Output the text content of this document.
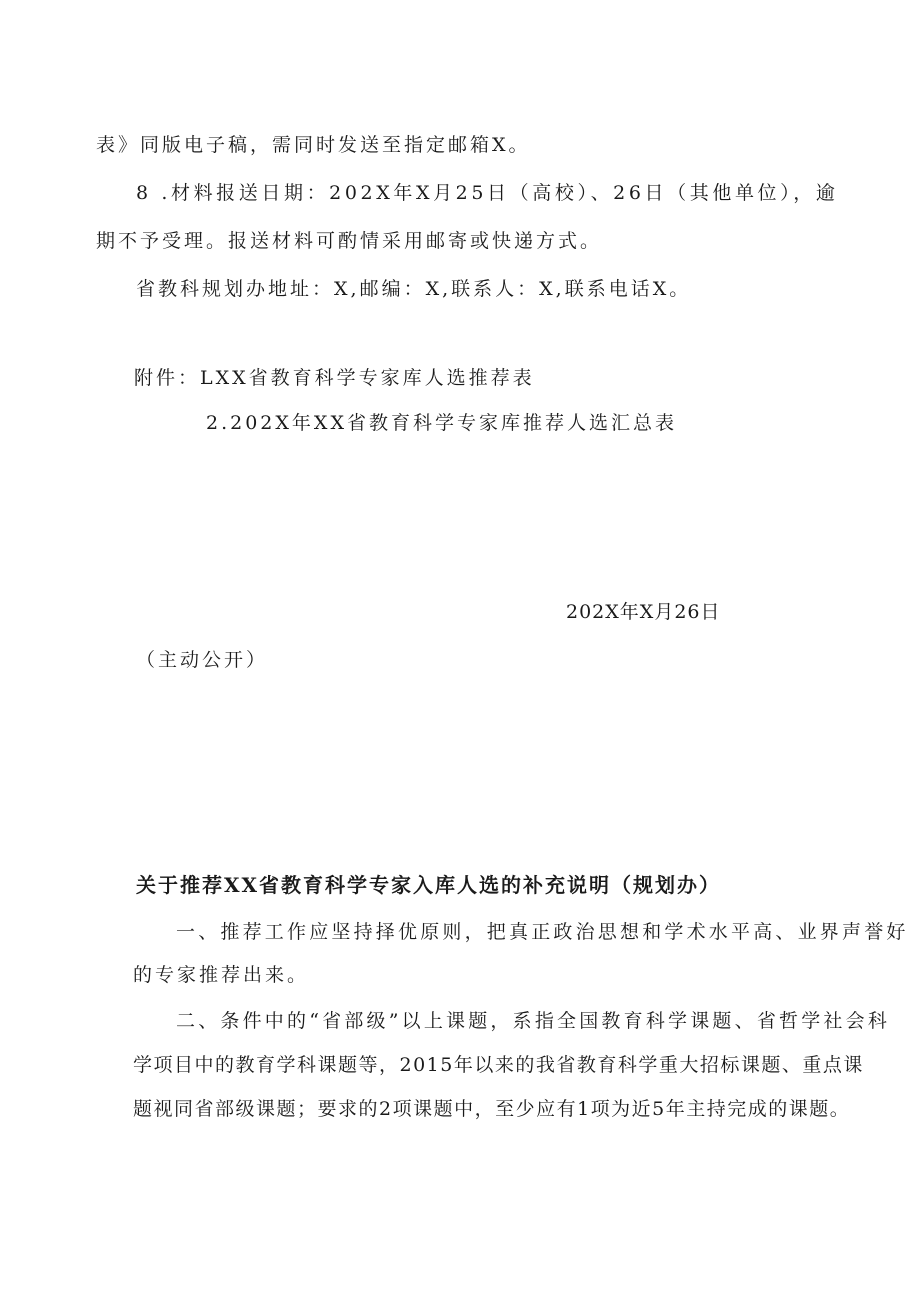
表》同版电子稿，需同时发送至指定邮箱X。
8 .材料报送日期：202X年X月25日（高校）、26日（其他单位），逾
期不予受理。报送材料可酌情采用邮寄或快递方式。
省教科规划办地址：X,邮编：X,联系人：X,联系电话X。
附件：LXX省教育科学专家库人选推荐表
2.202X年XX省教育科学专家库推荐人选汇总表
202X年X月26日
（主动公开）
关于推荐XX省教育科学专家入库人选的补充说明（规划办）
一、推荐工作应坚持择优原则，把真正政治思想和学术水平高、业界声誉好
的专家推荐出来。
二、条件中的“省部级”以上课题，系指全国教育科学课题、省哲学社会科
学项目中的教育学科课题等，2015年以来的我省教育科学重大招标课题、重点课
题视同省部级课题；要求的2项课题中，至少应有1项为近5年主持完成的课题。
